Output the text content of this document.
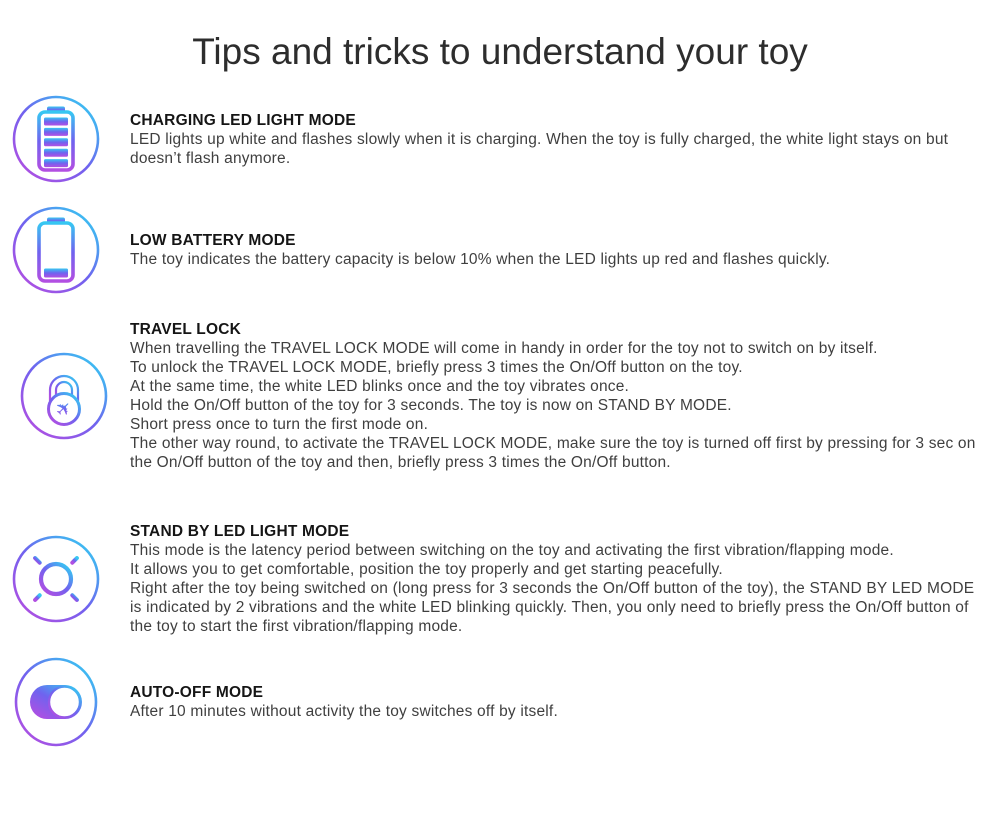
Tips and tricks to understand your toy
CHARGING LED LIGHT MODE

LED lights up white and flashes slowly when it is charging. When the toy is fully charged, the white light stays on but doesn’t flash anymore.

LOW BATTERY MODE

The toy indicates the battery capacity is below 10% when the LED lights up red and flashes quickly.

✈
TRAVEL LOCK

When travelling the TRAVEL LOCK MODE will come in handy in order for the toy not to switch on by itself.

To unlock the TRAVEL LOCK MODE, briefly press 3 times the On/Off button on the toy.

At the same time, the white LED blinks once and the toy vibrates once.

Hold the On/Off button of the toy for 3 seconds. The toy is now on STAND BY MODE.

Short press once to turn the first mode on.

The other way round, to activate the TRAVEL LOCK MODE, make sure the toy is turned off first by pressing for 3 sec on the On/Off button of the toy and then, briefly press 3 times the On/Off button.

STAND BY LED LIGHT MODE

This mode is the latency period between switching on the toy and activating the first vibration/flapping mode.

It allows you to get comfortable, position the toy properly and get starting peacefully.

Right after the toy being switched on (long press for 3 seconds the On/Off button of the toy), the STAND BY LED MODE is indicated by 2 vibrations and the white LED blinking quickly. Then, you only need to briefly press the On/Off button of the toy to start the first vibration/flapping mode.

AUTO-OFF MODE

After 10 minutes without activity the toy switches off by itself.
